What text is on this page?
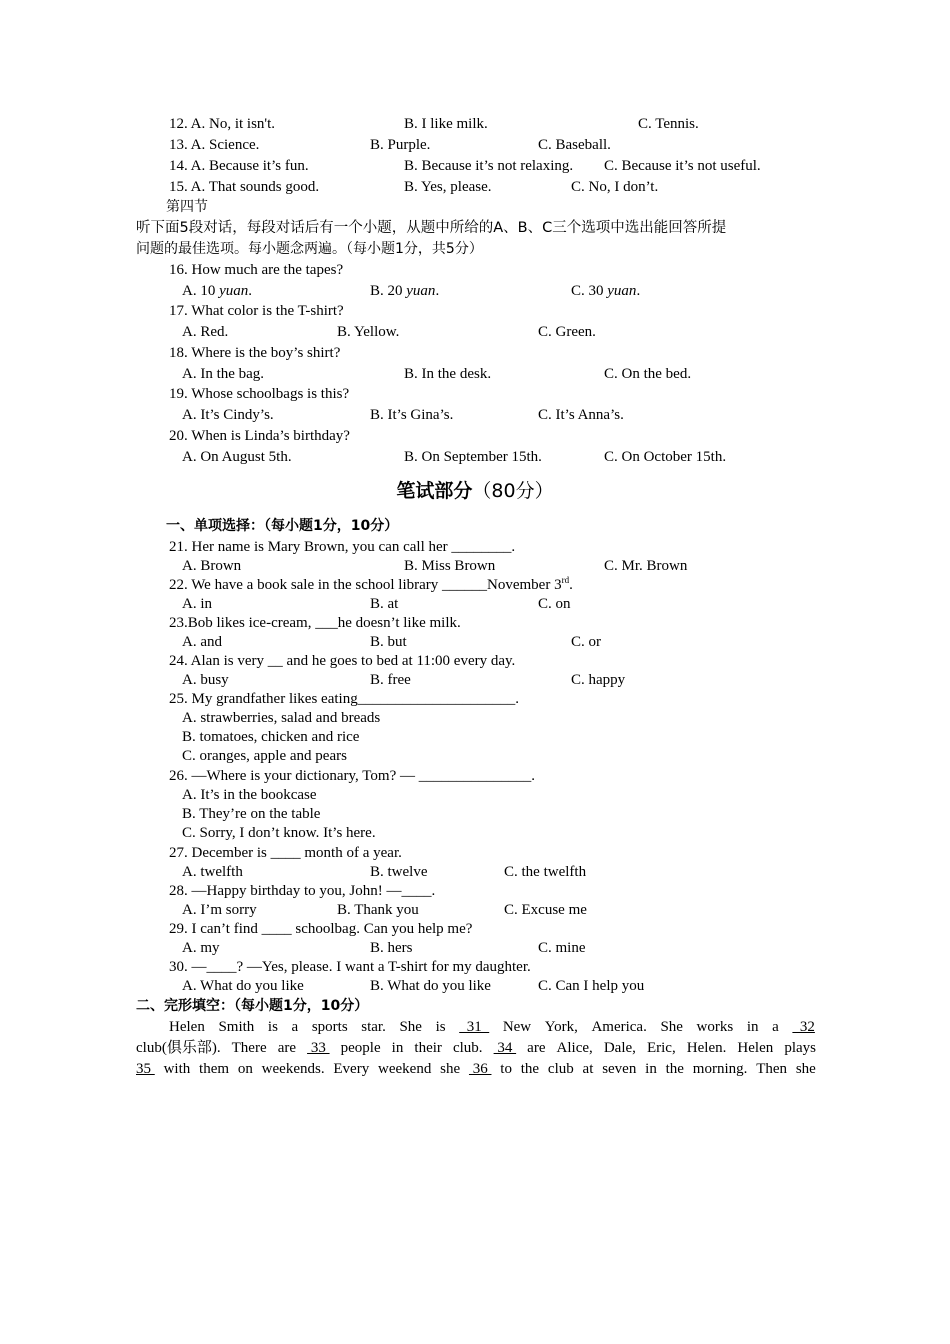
12. A. No, it isn't.	B. I like milk.	C. Tennis.
13. A. Science.	B. Purple.	C. Baseball.
14. A. Because it’s fun.	B. Because it’s not relaxing. C. Because it’s not useful.
15. A. That sounds good.	B. Yes, please.	C. No, I don’t.
第四节
听下面5段对话，每段对话后有一个小题，从题中所给的A、B、C三个选项中选出能回答所提
问题的最佳选项。每小题念两遍。（每小题1分，共5分）
16. How much are the tapes?
A. 10 yuan.	B. 20 yuan.	C. 30 yuan.
17. What color is the T-shirt?
A. Red.	B. Yellow.	C. Green.
18. Where is the boy’s shirt?
A. In the bag.	B. In the desk.	C. On the bed.
19. Whose schoolbags is this?
A. It’s Cindy’s.	B. It’s Gina’s.	C. It’s Anna’s.
20. When is Linda’s birthday?
A. On August 5th.	B. On September 15th.	C. On October 15th.
笔试部分（80分）
一、单项选择：（每小题1分，10分）
21. Her name is Mary Brown, you can call her ________.
A. Brown	B. Miss Brown	C. Mr. Brown
22. We have a book sale in the school library ______November 3rd.
A. in	B. at	C. on
23.Bob likes ice-cream, ___he doesn’t like milk.
A. and	B. but	C. or
24. Alan is very __ and he goes to bed at 11:00 every day.
A. busy	B. free	C. happy
25. My grandfather likes eating_____________________.
A. strawberries, salad and breads
B. tomatoes, chicken and rice
C. oranges, apple and pears
26. —Where is your dictionary, Tom? — _______________.
A. It’s in the bookcase
B. They’re on the table
C. Sorry, I don’t know. It’s here.
27. December is ____ month of a year.
A. twelfth	B. twelve	C. the twelfth
28. —Happy birthday to you, John! —____.
A. I’m sorry	B. Thank you	C. Excuse me
29. I can’t find ____ schoolbag. Can you help me?
A. my	B. hers	C. mine
30. —____? —Yes, please. I want a T-shirt for my daughter.
A. What do you like	B. What do you like	C. Can I help you
二、完形填空：（每小题1分，10分）
Helen Smith is a sports star. She is 31 New York, America. She works in a 32
club(俱乐部). There are 33 people in their club. 34 are Alice, Dale, Eric, Helen. Helen plays
35 with them on weekends. Every weekend she 36 to the club at seven in the morning. Then she
